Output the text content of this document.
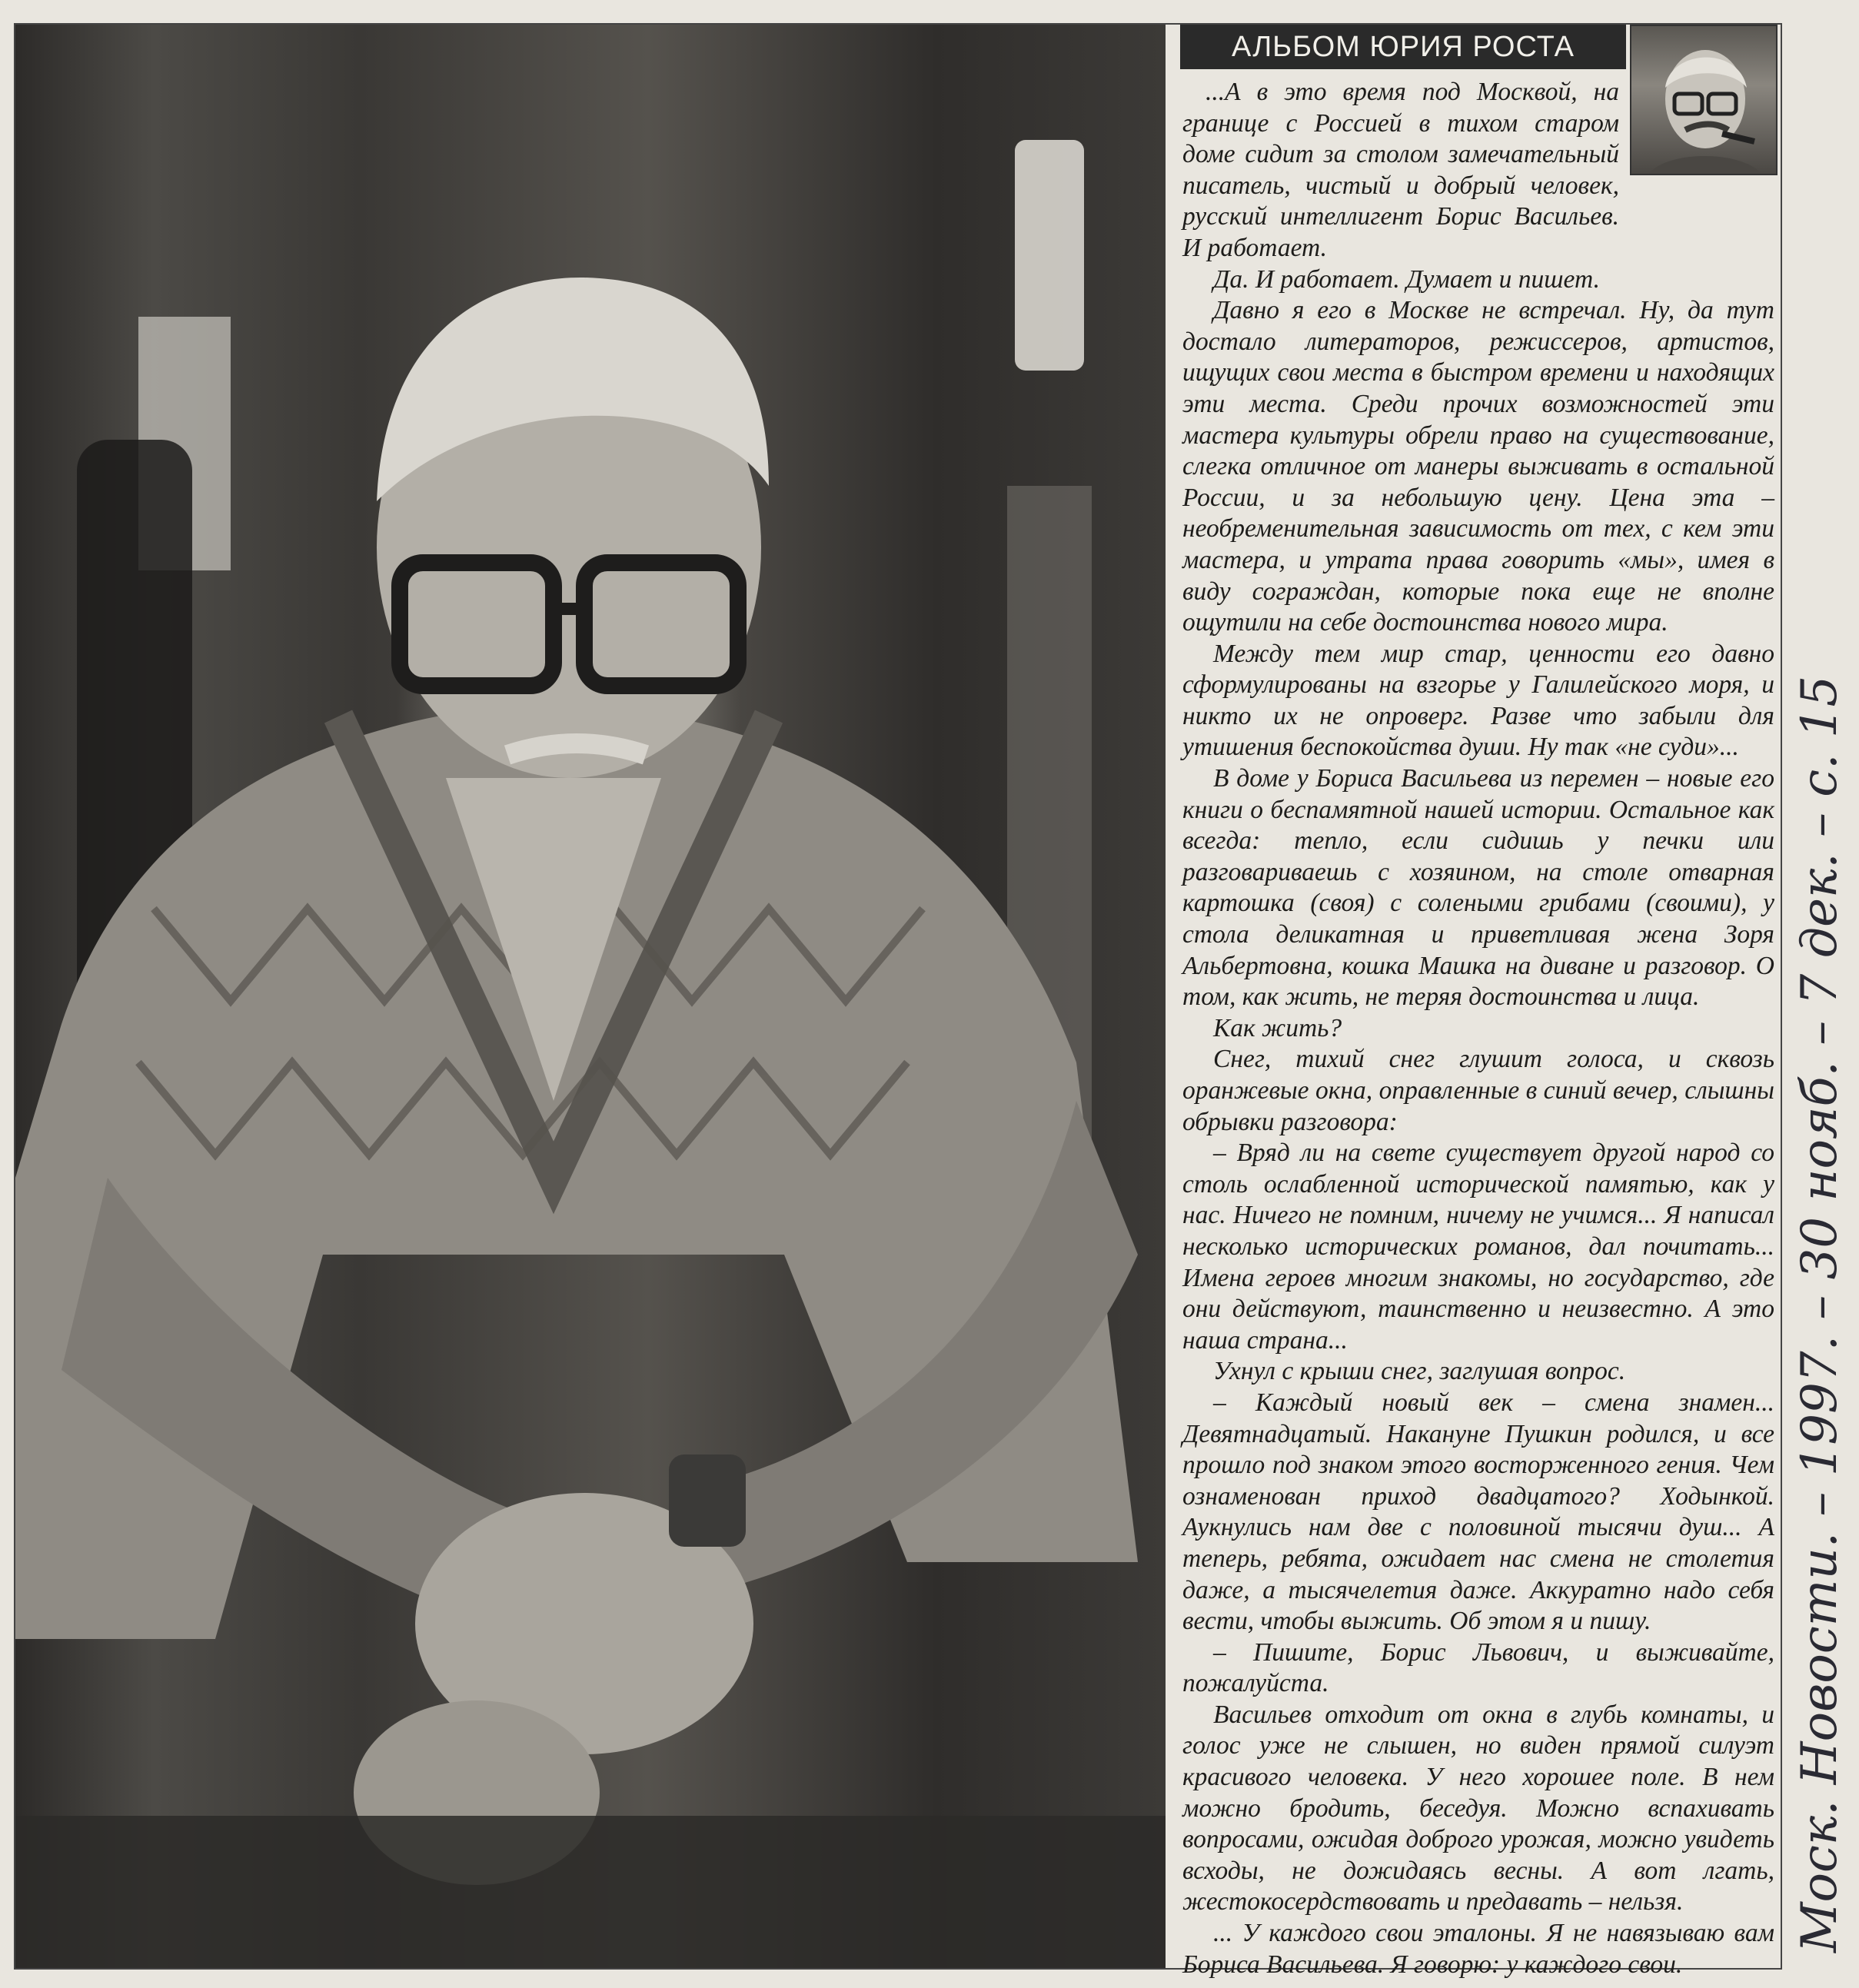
АЛЬБОМ ЮРИЯ РОСТА

...А в это время под Москвой, на границе с Россией в тихом старом доме сидит за столом замечательный писатель, чистый и добрый человек, русский интеллигент Борис Васильев. И работает.

Да. И работает. Думает и пишет.

Давно я его в Москве не встречал. Ну, да тут достало литераторов, режиссеров, артистов, ищущих свои места в быстром времени и находящих эти места. Среди прочих возможностей эти мастера культуры обрели право на существование, слегка отличное от манеры выживать в остальной России, и за небольшую цену. Цена эта – необременительная зависимость от тех, с кем эти мастера, и утрата права говорить «мы», имея в виду сограждан, которые пока еще не вполне ощутили на себе достоинства нового мира.

Между тем мир стар, ценности его давно сформулированы на взгорье у Галилейского моря, и никто их не опроверг. Разве что забыли для утишения беспокойства души. Ну так «не суди»...

В доме у Бориса Васильева из перемен – новые его книги о беспамятной нашей истории. Остальное как всегда: тепло, если сидишь у печки или разговариваешь с хозяином, на столе отварная картошка (своя) с солеными грибами (своими), у стола деликатная и приветливая жена Зоря Альбертовна, кошка Машка на диване и разговор. О том, как жить, не теряя достоинства и лица.

Как жить?

Снег, тихий снег глушит голоса, и сквозь оранжевые окна, оправленные в синий вечер, слышны обрывки разговора:

– Вряд ли на свете существует другой народ со столь ослабленной исторической памятью, как у нас. Ничего не помним, ничему не учимся... Я написал несколько исторических романов, дал почитать... Имена героев многим знакомы, но государство, где они действуют, таинственно и неизвестно. А это наша страна...

Ухнул с крыши снег, заглушая вопрос.

– Каждый новый век – смена знамен... Девятнадцатый. Накануне Пушкин родился, и все прошло под знаком этого восторженного гения. Чем ознаменован приход двадцатого? Ходынкой. Аукнулись нам две с половиной тысячи душ... А теперь, ребята, ожидает нас смена не столетия даже, а тысячелетия даже. Аккуратно надо себя вести, чтобы выжить. Об этом я и пишу.

– Пишите, Борис Львович, и выживайте, пожалуйста.

Васильев отходит от окна в глубь комнаты, и голос уже не слышен, но виден прямой силуэт красивого человека. У него хорошее поле. В нем можно бродить, беседуя. Можно вспахивать вопросами, ожидая доброго урожая, можно увидеть всходы, не дожидаясь весны. А вот лгать, жестокосердствовать и предавать – нельзя.

... У каждого свои эталоны. Я не навязываю вам Бориса Васильева. Я говорю: у каждого свои.

Моск. Новости. – 1997. – 30 нояб. – 7 дек. – с. 15
